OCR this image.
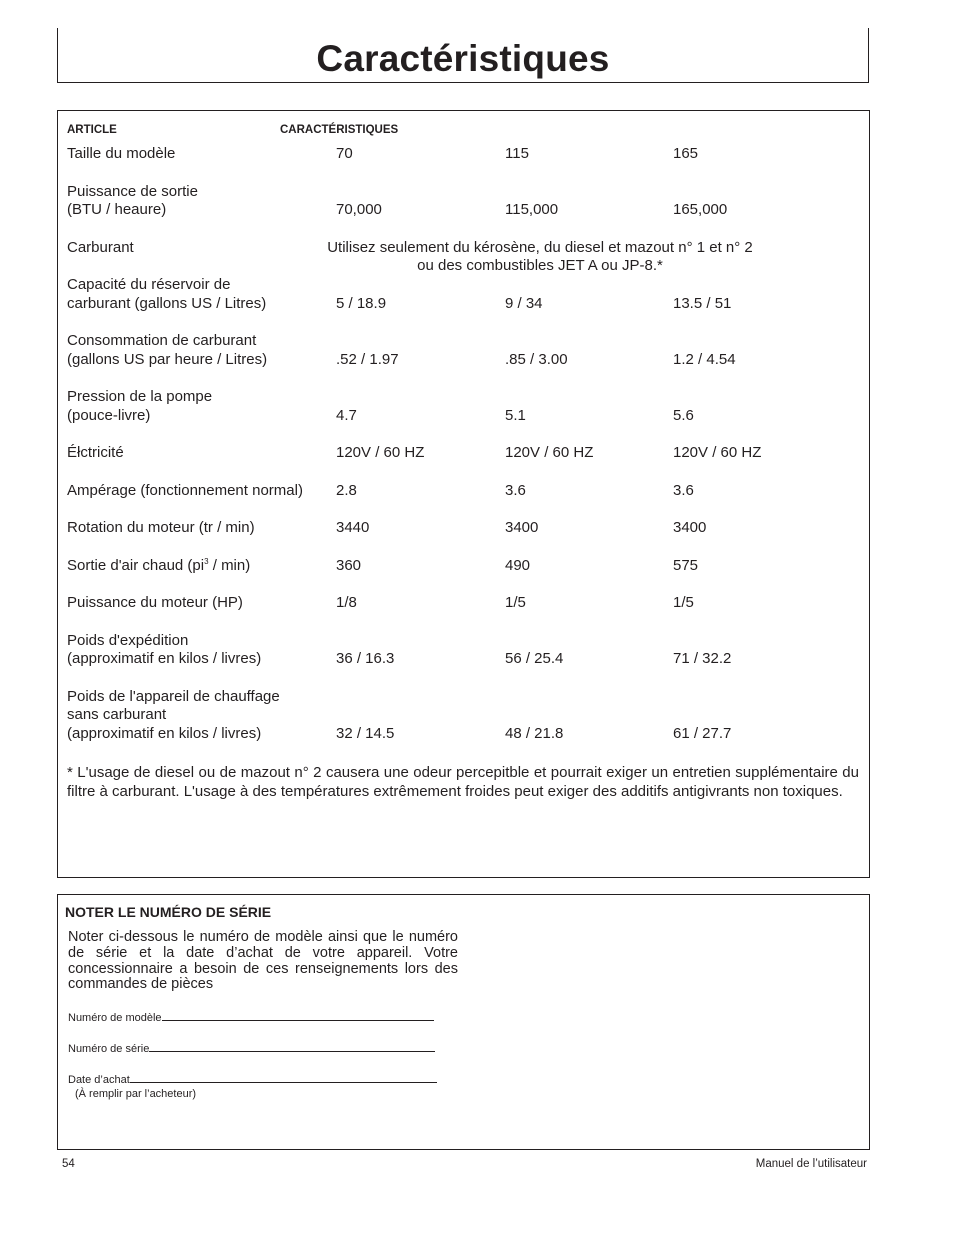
Caractéristiques
ARTICLE	CARACTÉRISTIQUES
Taille du modèle	70	115	165
Puissance de sortie
(BTU / heaure)	70,000	115,000	165,000
Carburant	Utilisez seulement du kérosène, du diesel et mazout n° 1 et n° 2
ou des combustibles JET A ou JP-8.*
Capacité du réservoir de
carburant (gallons US / Litres)	5 / 18.9	9 / 34	13.5 / 51
Consommation de carburant
(gallons US par heure / Litres)	.52 / 1.97	.85 / 3.00	1.2 / 4.54
Pression de la pompe
(pouce-livre)	4.7	5.1	5.6
Éłctricité	120V / 60 HZ	120V / 60 HZ	120V / 60 HZ
Ampérage (fonctionnement normal) 2.8	3.6	3.6
Rotation du moteur (tr / min)	3440	3400	3400
Sortie d'air chaud $(pi^3 / \min)$	360	490	575
Puissance du moteur (HP)	1/8	1/5	1/5
Poids d'expédition
(approximatif en kilos / livres)	36 / 16.3	56 / 25.4	71 / 32.2
Poids de l'appareil de chauffage
sans carburant
(approximatif en kilos / livres)	32 / 14.5	48 / 21.8	61 / 27.7
* L'usage de diesel ou de mazout n° 2 causera une odeur percepitble et pourrait exiger un entretien supplémentaire du filtre à carburant. L'usage à des températures extrêmement froides peut exiger des additifs antigivrants non toxiques.
NOTER LE NUMÉRO DE SÉRIE
Noter ci-dessous le numéro de modèle ainsi que le numéro de série et la date d’achat de votre appareil. Votre concessionnaire a besoin de ces renseignements lors des commandes de pièces
Numéro de modèle
Numéro de série
Date d’achat
(À remplir par l’acheteur)
54	Manuel de l’utilisateur
